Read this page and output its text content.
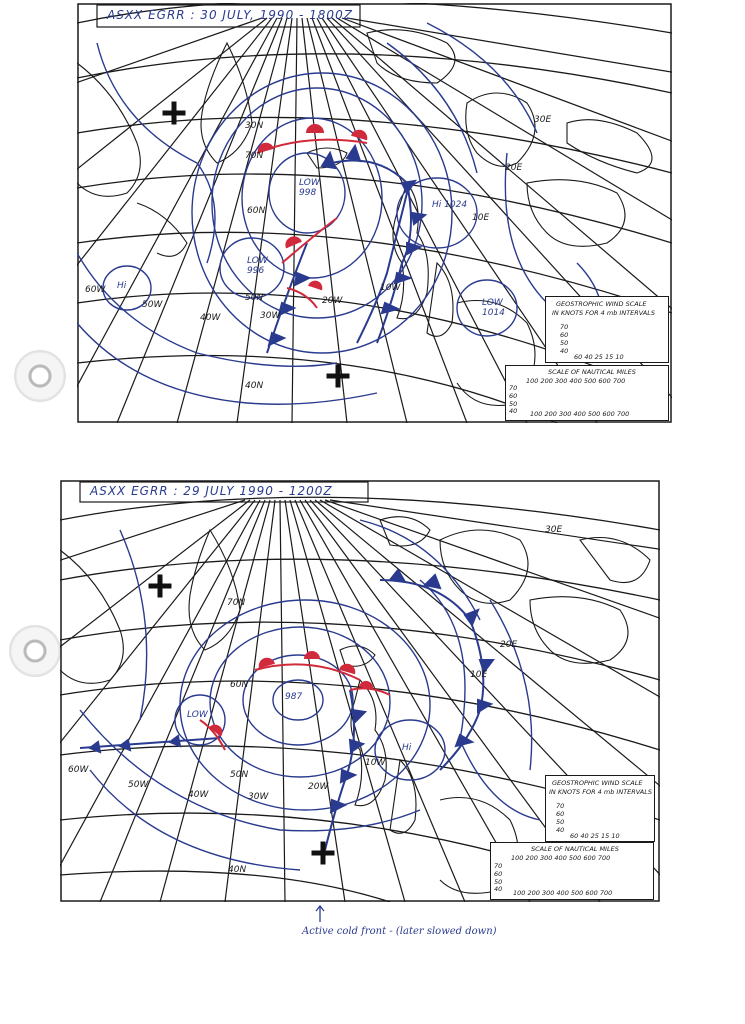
ASXX EGRR : 30 JULY, 1990 - 1800Z
LOW
998
LOW
996
LOW
1014
Hi 1024
Hi
30N
40N
50N
60N
70N
60W
50W
40W	30W
20W
10W
10E
20E
30E
GEOSTROPHIC WIND SCALE
IN KNOTS FOR 4 mb INTERVALS
70
60
50
40
60 40 25 15 10
SCALE OF NAUTICAL MILES
100 200 300 400 500 600 700
70
60
50
40 100 200 300 400 500 600 700
ASXX EGRR : 29 JULY 1990 - 1200Z
987
LOW
Hi
40N
50N
60N
70N
60W
50W
40W	30W
20W
10W
10E
20E
30E
GEOSTROPHIC WIND SCALE
IN KNOTS FOR 4 mb INTERVALS
70
60
50
40
60 40 25 15 10
SCALE OF NAUTICAL MILES
100 200 300 400 500 600 700
70
60
50
40 100 200 300 400 500 600 700
Active cold front - (later slowed down)
